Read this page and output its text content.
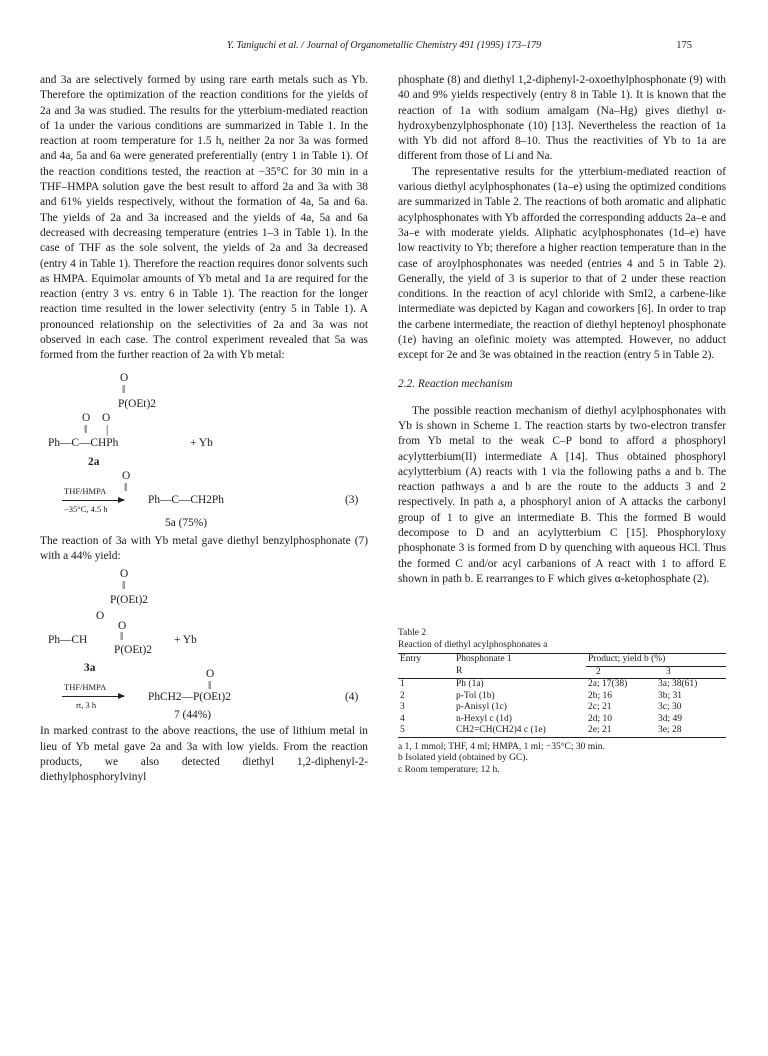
Y. Taniguchi et al. / Journal of Organometallic Chemistry 491 (1995) 173–179	175

and 3a are selectively formed by using rare earth metals such as Yb. Therefore the optimization of the reaction conditions for the yields of 2a and 3a was studied. The results for the ytterbium-mediated reaction of 1a under the various conditions are summarized in Table 1. In the reaction at room temperature for 1.5 h, neither 2a nor 3a was formed and 4a, 5a and 6a were generated preferentially (entry 1 in Table 1). Of the reaction conditions tested, the reaction at −35°C for 30 min in a THF–HMPA solution gave the best result to afford 2a and 3a with 38 and 61% yields respectively, without the formation of 4a, 5a and 6a. The yields of 2a and 3a increased and the yields of 4a, 5a and 6a decreased with decreasing temperature (entries 1–3 in Table 1). In the case of THF as the sole solvent, the yields of 2a and 3a decreased (entry 4 in Table 1). Therefore the reaction requires donor solvents such as HMPA. Equimolar amounts of Yb metal and 1a are required for the reaction (entry 3 vs. entry 6 in Table 1). The reaction for the longer reaction time resulted in the lower selectivity (entry 5 in Table 1). A pronounced relationship on the selectivities of 2a and 3a was not observed in each case. The control experiment revealed that 5a was formed from the further reaction of 2a with Yb metal:

O
‖
P(OEt)2
O O
‖ |
Ph—C—CHPh	+ Yb
2a
O
‖
THF/HMPA
−35°C, 4.5 h
Ph—C—CH2Ph	(3)
5a (75%)

The reaction of 3a with Yb metal gave diethyl benzylphosphonate (7) with a 44% yield:

O
‖
P(OEt)2
O
O
‖
Ph—CH
P(OEt)2
+ Yb
3a	O
‖
THF/HMPA
rt, 3 h
PhCH2—P(OEt)2	(4)
7 (44%)

In marked contrast to the above reactions, the use of lithium metal in lieu of Yb metal gave 2a and 3a with low yields. From the reaction products, we also detected diethyl 1,2-diphenyl-2-diethylphosphorylvinyl

phosphate (8) and diethyl 1,2-diphenyl-2-oxoethylphosphonate (9) with 40 and 9% yields respectively (entry 8 in Table 1). It is known that the reaction of 1a with sodium amalgam (Na–Hg) gives diethyl α-hydroxybenzylphosphonate (10) [13]. Nevertheless the reaction of 1a with Yb did not afford 8–10. Thus the reactivities of Yb to 1a are different from those of Li and Na.

The representative results for the ytterbium-mediated reaction of various diethyl acylphosphonates (1a–e) using the optimized conditions are summarized in Table 2. The reactions of both aromatic and aliphatic acylphosphonates with Yb afforded the corresponding adducts 2a–e and 3a–e with moderate yields. Aliphatic acylphosphonates (1d–e) have low reactivity to Yb; therefore a higher reaction temperature than in the case of aroylphosphonates was needed (entries 4 and 5 in Table 2). Generally, the yield of 3 is superior to that of 2 under these reaction conditions. In the reaction of acyl chloride with SmI2, a carbene-like intermediate was depicted by Kagan and coworkers [6]. In order to trap the carbene intermediate, the reaction of diethyl heptenoyl phosphonate (1e) having an olefinic moiety was attempted. However, no adduct except for 2e and 3e was obtained in the reaction (entry 5 in Table 2).

2.2. Reaction mechanism

The possible reaction mechanism of diethyl acylphosphonates with Yb is shown in Scheme 1. The reaction starts by two-electron transfer from Yb metal to the weak C–P bond to afford a phosphoryl acylytterbium(II) intermediate A [14]. Thus obtained phosphoryl acylytterbium (A) reacts with 1 via the following paths a and b. The reaction pathways a and b are the route to the adducts 3 and 2 respectively. In path a, a phosphoryl anion of A attacks the carbonyl group of 1 to give an intermediate B. This the formed B would decompose to D and an acylytterbium C [15]. Phosphoryloxy phosphonate 3 is formed from D by quenching with aqueous HCl. Thus the formed C and/or acyl carbanions of A react with 1 to afford E shown in path b. E rearranges to F which gives α-ketophosphate (2).

Table 2
Reaction of diethyl acylphosphonates a
Entry	Phosphonate 1	Product; yield b (%)	
	R	2	3
1	Ph (1a)	2a; 17(38)	3a; 38(61)
2	p-Tol (1b)	2b; 16	3b; 31
3	p-Anisyl (1c)	2c; 21	3c; 30
4	n-Hexyl c (1d)	2d; 10	3d; 49
5	CH2=CH(CH2)4 c (1e)	2e; 21	3e; 28
a 1, 1 mmol; THF, 4 ml; HMPA, 1 ml; −35°C; 30 min.
b Isolated yield (obtained by GC).
c Room temperature; 12 h.
